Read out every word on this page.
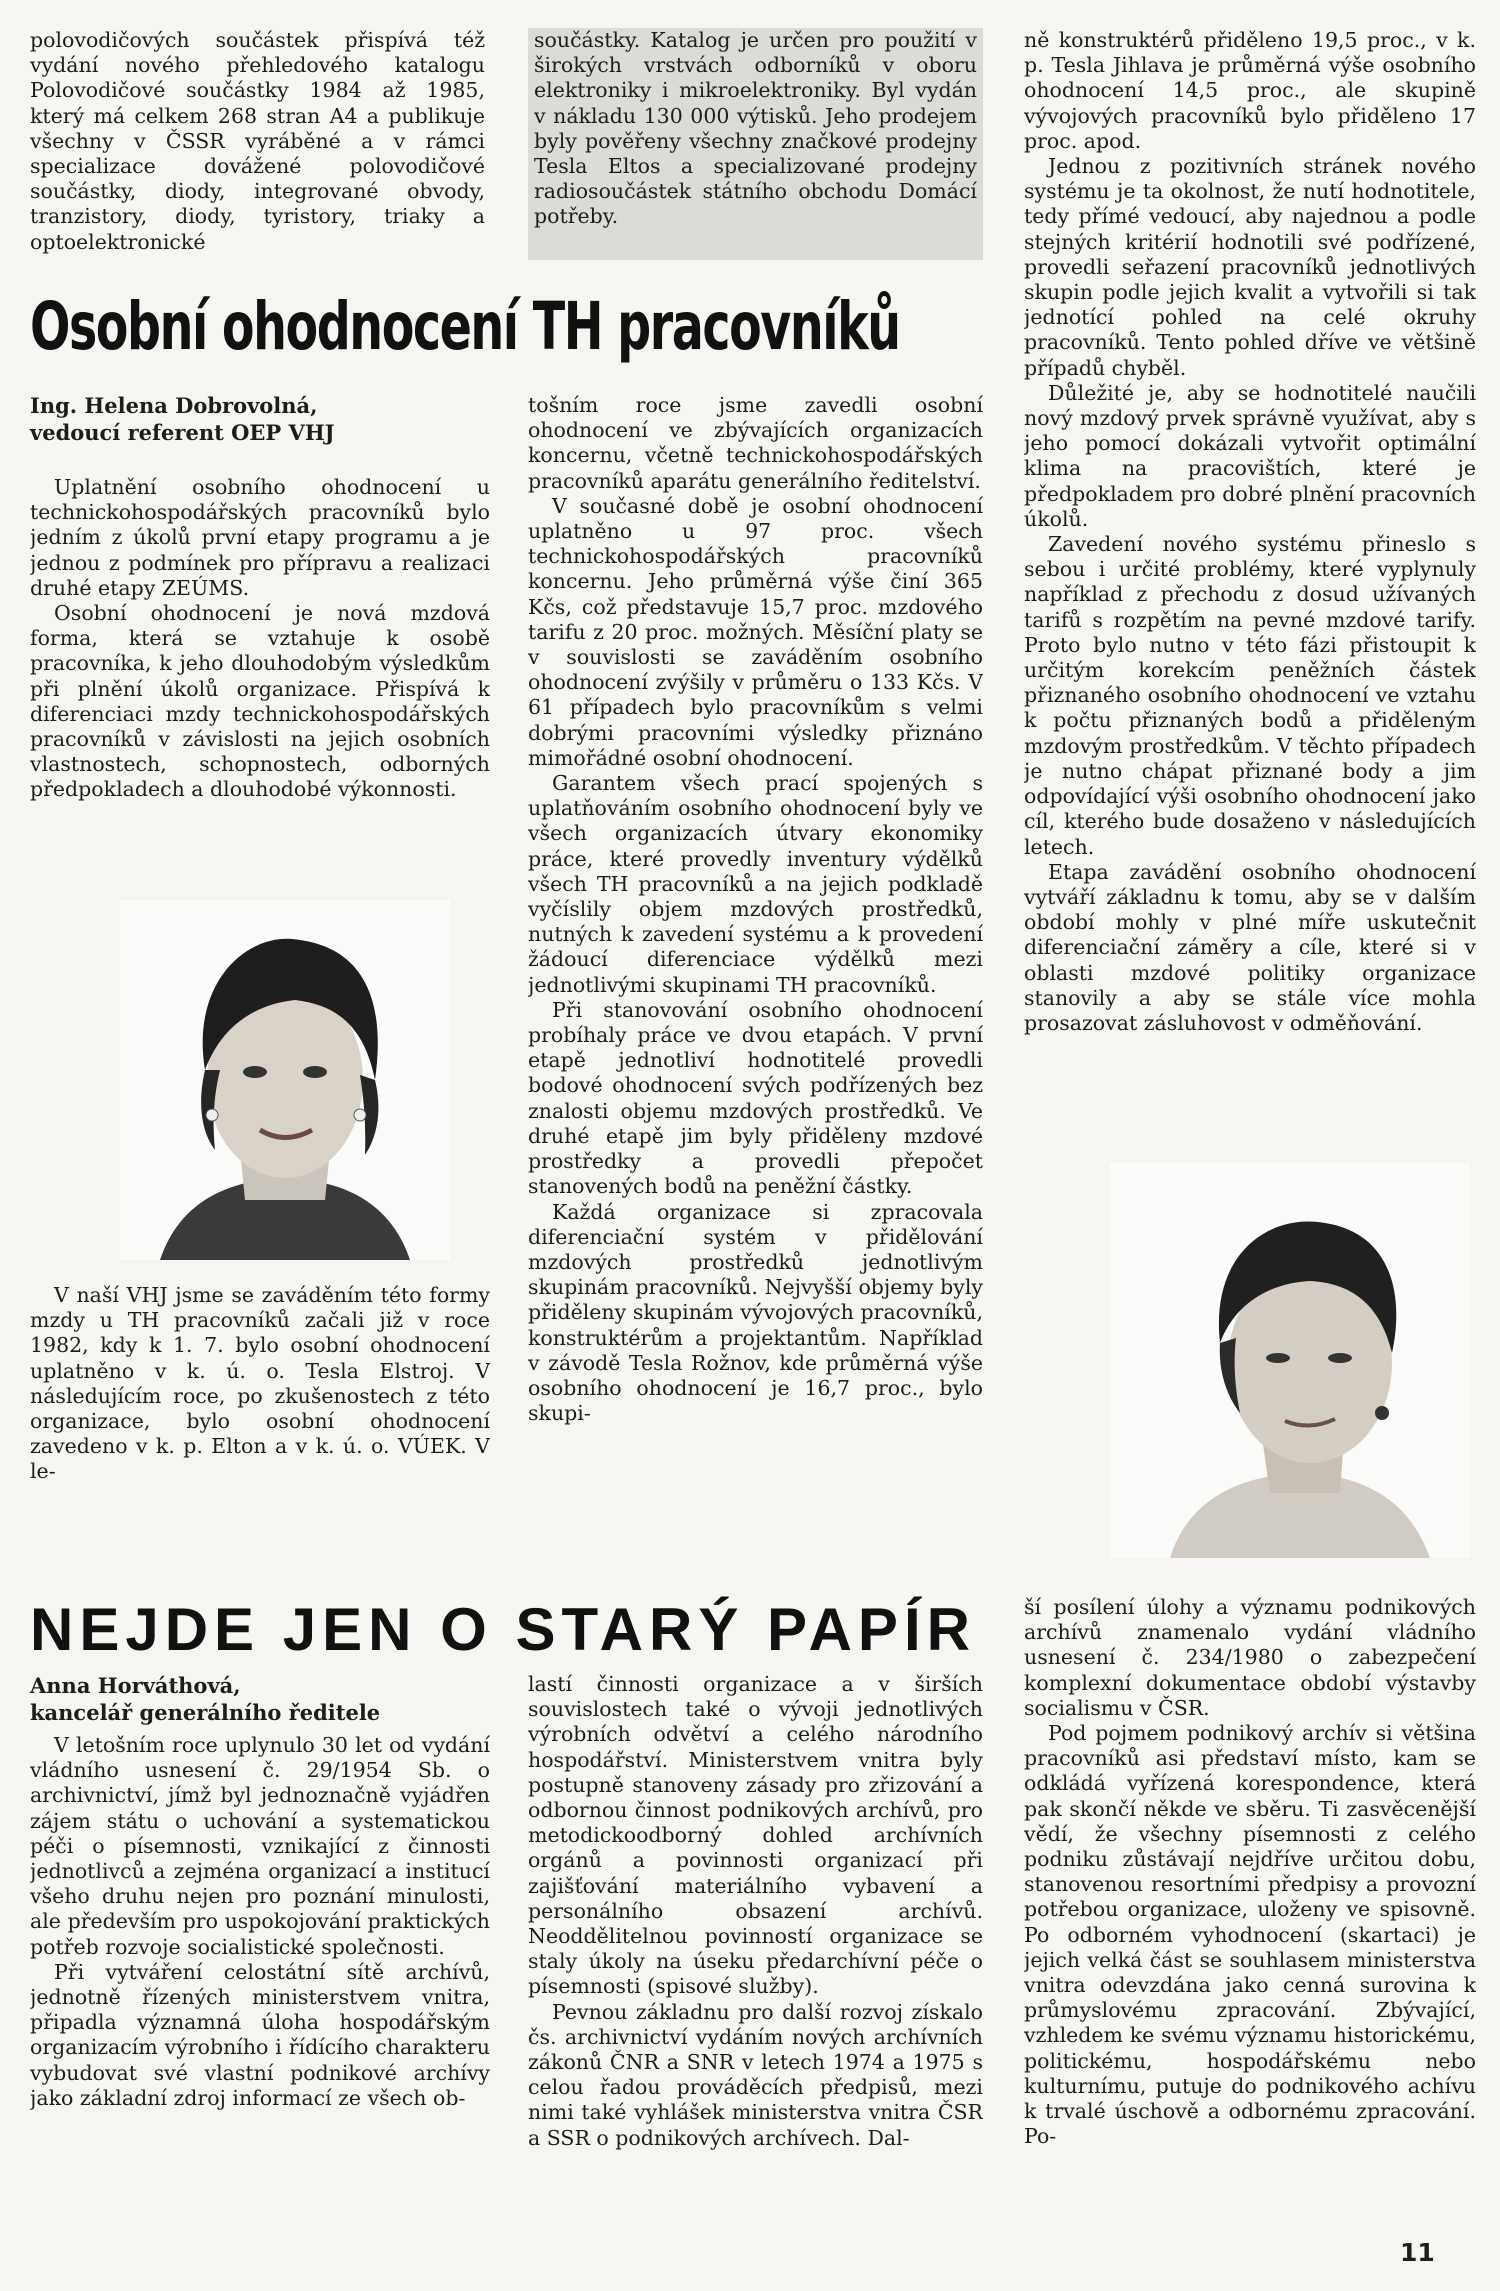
polovodičových součástek přispívá též vydání nového přehledového katalogu Polovodičové součástky 1984 až 1985, který má celkem 268 stran A4 a publikuje všechny v ČSSR vyráběné a v rámci specializace dovážené polovodičové součástky, diody, integrované obvody, tranzistory, diody, tyristory, triaky a optoelektronické

součástky. Katalog je určen pro použití v širokých vrstvách odborníků v oboru elektroniky i mikroelektroniky. Byl vydán v nákladu 130 000 výtisků. Jeho prodejem byly pověřeny všechny značkové prodejny Tesla Eltos a specializované prodejny radiosoučástek státního obchodu Domácí potřeby.

Osobní ohodnocení TH pracovníků
Ing. Helena Dobrovolná,
vedoucí referent OEP VHJ

Uplatnění osobního ohodnocení u technickohospodářských pracovníků bylo jedním z úkolů první etapy programu a je jednou z podmínek pro přípravu a realizaci druhé etapy ZEÚMS.

Osobní ohodnocení je nová mzdová forma, která se vztahuje k osobě pracovníka, k jeho dlouhodobým výsledkům při plnění úkolů organizace. Přispívá k diferenciaci mzdy technickohospodářských pracovníků v závislosti na jejich osobních vlastnostech, schopnostech, odborných předpokladech a dlouhodobé výkonnosti.

V naší VHJ jsme se zaváděním této formy mzdy u TH pracovníků začali již v roce 1982, kdy k 1. 7. bylo osobní ohodnocení uplatněno v k. ú. o. Tesla Elstroj. V následujícím roce, po zkušenostech z této organizace, bylo osobní ohodnocení zavedeno v k. p. Elton a v k. ú. o. VÚEK. V le-

tošním roce jsme zavedli osobní ohodnocení ve zbývajících organizacích koncernu, včetně technickohospodářských pracovníků aparátu generálního ředitelství.

V současné době je osobní ohodnocení uplatněno u 97 proc. všech technickohospodářských pracovníků koncernu. Jeho průměrná výše činí 365 Kčs, což představuje 15,7 proc. mzdového tarifu z 20 proc. možných. Měsíční platy se v souvislosti se zaváděním osobního ohodnocení zvýšily v průměru o 133 Kčs. V 61 případech bylo pracovníkům s velmi dobrými pracovními výsledky přiznáno mimořádné osobní ohodnocení.

Garantem všech prací spojených s uplatňováním osobního ohodnocení byly ve všech organizacích útvary ekonomiky práce, které provedly inventury výdělků všech TH pracovníků a na jejich podkladě vyčíslily objem mzdových prostředků, nutných k zavedení systému a k provedení žádoucí diferenciace výdělků mezi jednotlivými skupinami TH pracovníků.

Při stanovování osobního ohodnocení probíhaly práce ve dvou etapách. V první etapě jednotliví hodnotitelé provedli bodové ohodnocení svých podřízených bez znalosti objemu mzdových prostředků. Ve druhé etapě jim byly přiděleny mzdové prostředky a provedli přepočet stanovených bodů na peněžní částky.

Každá organizace si zpracovala diferenciační systém v přidělování mzdových prostředků jednotlivým skupinám pracovníků. Nejvyšší objemy byly přiděleny skupinám vývojových pracovníků, konstruktérům a projektantům. Například v závodě Tesla Rožnov, kde průměrná výše osobního ohodnocení je 16,7 proc., bylo skupi-

ně konstruktérů přiděleno 19,5 proc., v k. p. Tesla Jihlava je průměrná výše osobního ohodnocení 14,5 proc., ale skupině vývojových pracovníků bylo přiděleno 17 proc. apod.

Jednou z pozitivních stránek nového systému je ta okolnost, že nutí hodnotitele, tedy přímé vedoucí, aby najednou a podle stejných kritérií hodnotili své podřízené, provedli seřazení pracovníků jednotlivých skupin podle jejich kvalit a vytvořili si tak jednotící pohled na celé okruhy pracovníků. Tento pohled dříve ve většině případů chyběl.

Důležité je, aby se hodnotitelé naučili nový mzdový prvek správně využívat, aby s jeho pomocí dokázali vytvořit optimální klima na pracovištích, které je předpokladem pro dobré plnění pracovních úkolů.

Zavedení nového systému přineslo s sebou i určité problémy, které vyplynuly například z přechodu z dosud užívaných tarifů s rozpětím na pevné mzdové tarify. Proto bylo nutno v této fázi přistoupit k určitým korekcím peněžních částek přiznaného osobního ohodnocení ve vztahu k počtu přiznaných bodů a přiděleným mzdovým prostředkům. V těchto případech je nutno chápat přiznané body a jim odpovídající výši osobního ohodnocení jako cíl, kterého bude dosaženo v následujících letech.

Etapa zavádění osobního ohodnocení vytváří základnu k tomu, aby se v dalším období mohly v plné míře uskutečnit diferenciační záměry a cíle, které si v oblasti mzdové politiky organizace stanovily a aby se stále více mohla prosazovat zásluhovost v odměňování.

NEJDE JEN O STARÝ PAPÍR
Anna Horváthová,
kancelář generálního ředitele

V letošním roce uplynulo 30 let od vydání vládního usnesení č. 29/1954 Sb. o archivnictví, jímž byl jednoznačně vyjádřen zájem státu o uchování a systematickou péči o písemnosti, vznikající z činnosti jednotlivců a zejména organizací a institucí všeho druhu nejen pro poznání minulosti, ale především pro uspokojování praktických potřeb rozvoje socialistické společnosti.

Při vytváření celostátní sítě archívů, jednotně řízených ministerstvem vnitra, připadla významná úloha hospodářským organizacím výrobního i řídícího charakteru vybudovat své vlastní podnikové archívy jako základní zdroj informací ze všech ob-

lastí činnosti organizace a v širších souvislostech také o vývoji jednotlivých výrobních odvětví a celého národního hospodářství. Ministerstvem vnitra byly postupně stanoveny zásady pro zřizování a odbornou činnost podnikových archívů, pro metodickoodborný dohled archívních orgánů a povinnosti organizací při zajišťování materiálního vybavení a personálního obsazení archívů. Neoddělitelnou povinností organizace se staly úkoly na úseku předarchívní péče o písemnosti (spisové služby).

Pevnou základnu pro další rozvoj získalo čs. archivnictví vydáním nových archívních zákonů ČNR a SNR v letech 1974 a 1975 s celou řadou prováděcích předpisů, mezi nimi také vyhlášek ministerstva vnitra ČSR a SSR o podnikových archívech. Dal-

ší posílení úlohy a významu podnikových archívů znamenalo vydání vládního usnesení č. 234/1980 o zabezpečení komplexní dokumentace období výstavby socialismu v ČSR.

Pod pojmem podnikový archív si většina pracovníků asi představí místo, kam se odkládá vyřízená korespondence, která pak skončí někde ve sběru. Ti zasvěcenější vědí, že všechny písemnosti z celého podniku zůstávají nejdříve určitou dobu, stanovenou resortními předpisy a provozní potřebou organizace, uloženy ve spisovně. Po odborném vyhodnocení (skartaci) je jejich velká část se souhlasem ministerstva vnitra odevzdána jako cenná surovina k průmyslovému zpracování. Zbývající, vzhledem ke svému významu historickému, politickému, hospodářskému nebo kulturnímu, putuje do podnikového achívu k trvalé úschově a odbornému zpracování. Po-

11
